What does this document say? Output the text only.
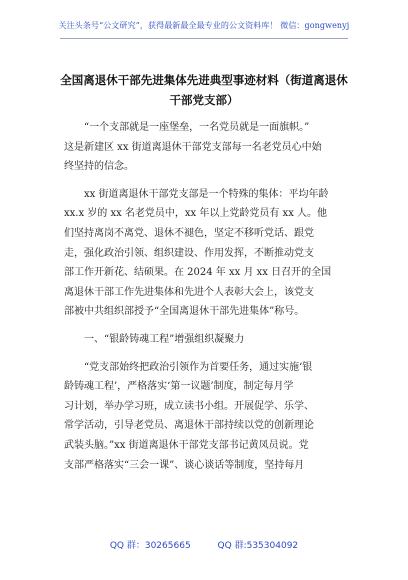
关注头条号“公文研究”，获得最新最全最专业的公文资料库！ 微信：gongwenyj
全国离退休干部先进集体先进典型事迹材料（街道离退休
干部党支部）

“一个支部就是一座堡垒，一名党员就是一面旗帜。”
这是新建区 xx 街道离退休干部党支部每一名老党员心中始
终坚持的信念。

xx 街道离退休干部党支部是一个特殊的集体：平均年龄
xx.x 岁的 xx 名老党员中，xx 年以上党龄党员有 xx 人。他
们坚持离岗不离党、退休不褪色，坚定不移听党话、跟党
走，强化政治引领、组织建设、作用发挥，不断推动党支
部工作开新花、结硕果。在 2024 年 xx 月 xx 日召开的全国
离退休干部工作先进集体和先进个人表彰大会上，该党支
部被中共组织部授予“全国离退休干部先进集体”称号。

一、“银龄铸魂工程”增强组织凝聚力

“党支部始终把政治引领作为首要任务，通过实施‘银
龄铸魂工程’，严格落实‘第一议题’制度，制定每月学
习计划，举办学习班，成立读书小组。开展促学、乐学、
常学活动，引导老党员、离退休干部持续以党的创新理论
武装头脑。”xx 街道离退休干部党支部书记黄凤员说。党
支部严格落实“三会一课”、谈心谈话等制度，坚持每月

QQ 群：30265665	QQ 群:535304092
